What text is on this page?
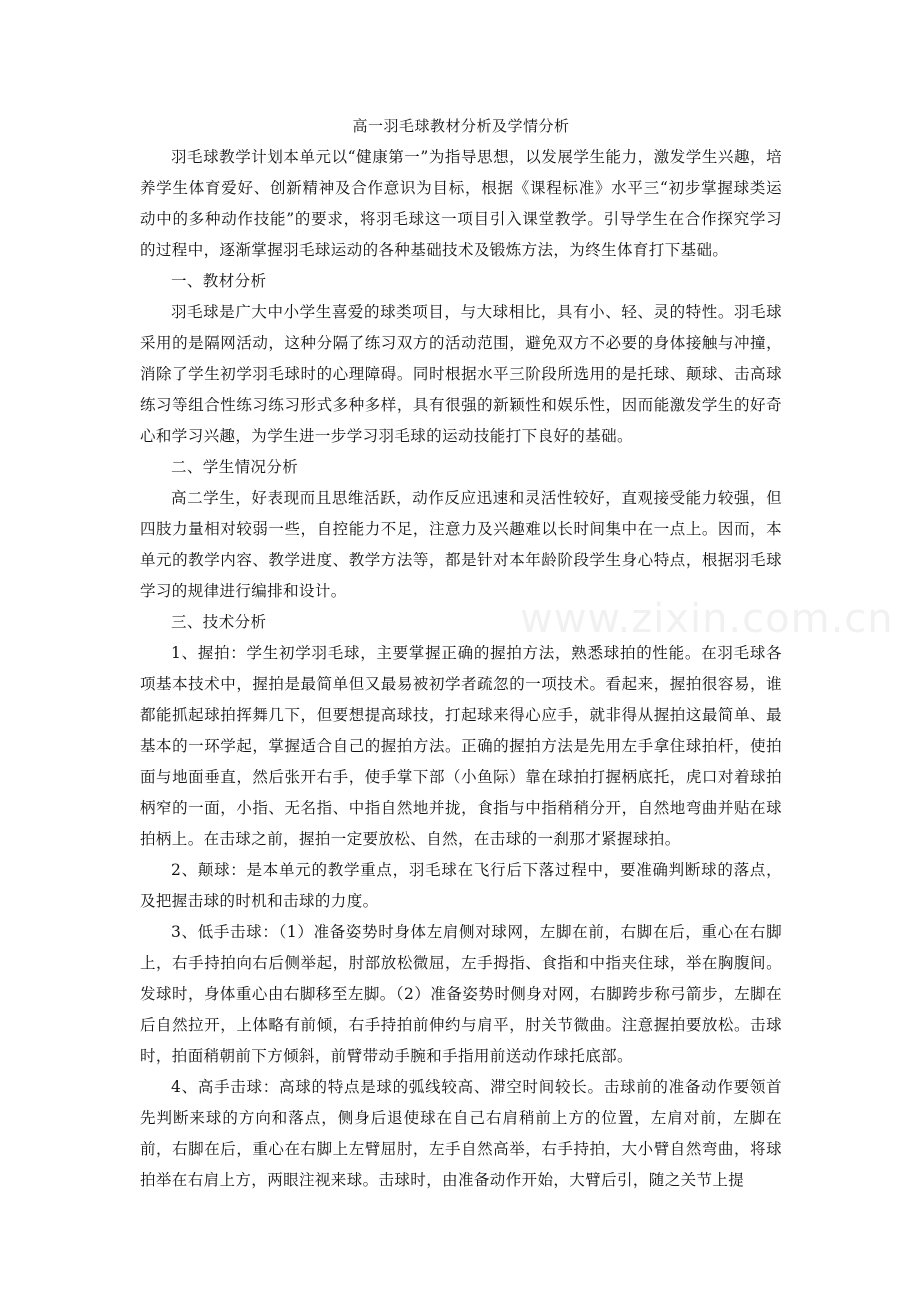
高一羽毛球教材分析及学情分析

羽毛球教学计划本单元以“健康第一”为指导思想，以发展学生能力，激发学生兴趣，培养学生体育爱好、创新精神及合作意识为目标，根据《课程标准》水平三“初步掌握球类运动中的多种动作技能”的要求，将羽毛球这一项目引入课堂教学。引导学生在合作探究学习的过程中，逐渐掌握羽毛球运动的各种基础技术及锻炼方法，为终生体育打下基础。

一、教材分析

羽毛球是广大中小学生喜爱的球类项目，与大球相比，具有小、轻、灵的特性。羽毛球采用的是隔网活动，这种分隔了练习双方的活动范围，避免双方不必要的身体接触与冲撞，消除了学生初学羽毛球时的心理障碍。同时根据水平三阶段所选用的是托球、颠球、击高球练习等组合性练习练习形式多种多样，具有很强的新颖性和娱乐性，因而能激发学生的好奇心和学习兴趣，为学生进一步学习羽毛球的运动技能打下良好的基础。

二、学生情况分析

高二学生，好表现而且思维活跃，动作反应迅速和灵活性较好，直观接受能力较强，但四肢力量相对较弱一些，自控能力不足，注意力及兴趣难以长时间集中在一点上。因而，本单元的教学内容、教学进度、教学方法等，都是针对本年龄阶段学生身心特点，根据羽毛球学习的规律进行编排和设计。

三、技术分析

1、握拍：学生初学羽毛球，主要掌握正确的握拍方法，熟悉球拍的性能。在羽毛球各项基本技术中，握拍是最简单但又最易被初学者疏忽的一项技术。看起来，握拍很容易，谁都能抓起球拍挥舞几下，但要想提高球技，打起球来得心应手，就非得从握拍这最简单、最基本的一环学起，掌握适合自己的握拍方法。正确的握拍方法是先用左手拿住球拍杆，使拍面与地面垂直，然后张开右手，使手掌下部（小鱼际）靠在球拍打握柄底托，虎口对着球拍柄窄的一面，小指、无名指、中指自然地并拢，食指与中指稍稍分开，自然地弯曲并贴在球拍柄上。在击球之前，握拍一定要放松、自然，在击球的一刹那才紧握球拍。

2、颠球：是本单元的教学重点，羽毛球在飞行后下落过程中，要准确判断球的落点，及把握击球的时机和击球的力度。

3、低手击球：（1）准备姿势时身体左肩侧对球网，左脚在前，右脚在后，重心在右脚上，右手持拍向右后侧举起，肘部放松微屈，左手拇指、食指和中指夹住球，举在胸腹间。发球时，身体重心由右脚移至左脚。（2）准备姿势时侧身对网，右脚跨步称弓箭步，左脚在后自然拉开，上体略有前倾，右手持拍前伸约与肩平，肘关节微曲。注意握拍要放松。击球时，拍面稍朝前下方倾斜，前臂带动手腕和手指用前送动作球托底部。

4、高手击球：高球的特点是球的弧线较高、滞空时间较长。击球前的准备动作要领首先判断来球的方向和落点，侧身后退使球在自己右肩稍前上方的位置，左肩对前，左脚在前，右脚在后，重心在右脚上左臂屈肘，左手自然高举，右手持拍，大小臂自然弯曲，将球拍举在右肩上方，两眼注视来球。击球时，由准备动作开始，大臂后引，随之关节上提

www.zixin.com.cn
